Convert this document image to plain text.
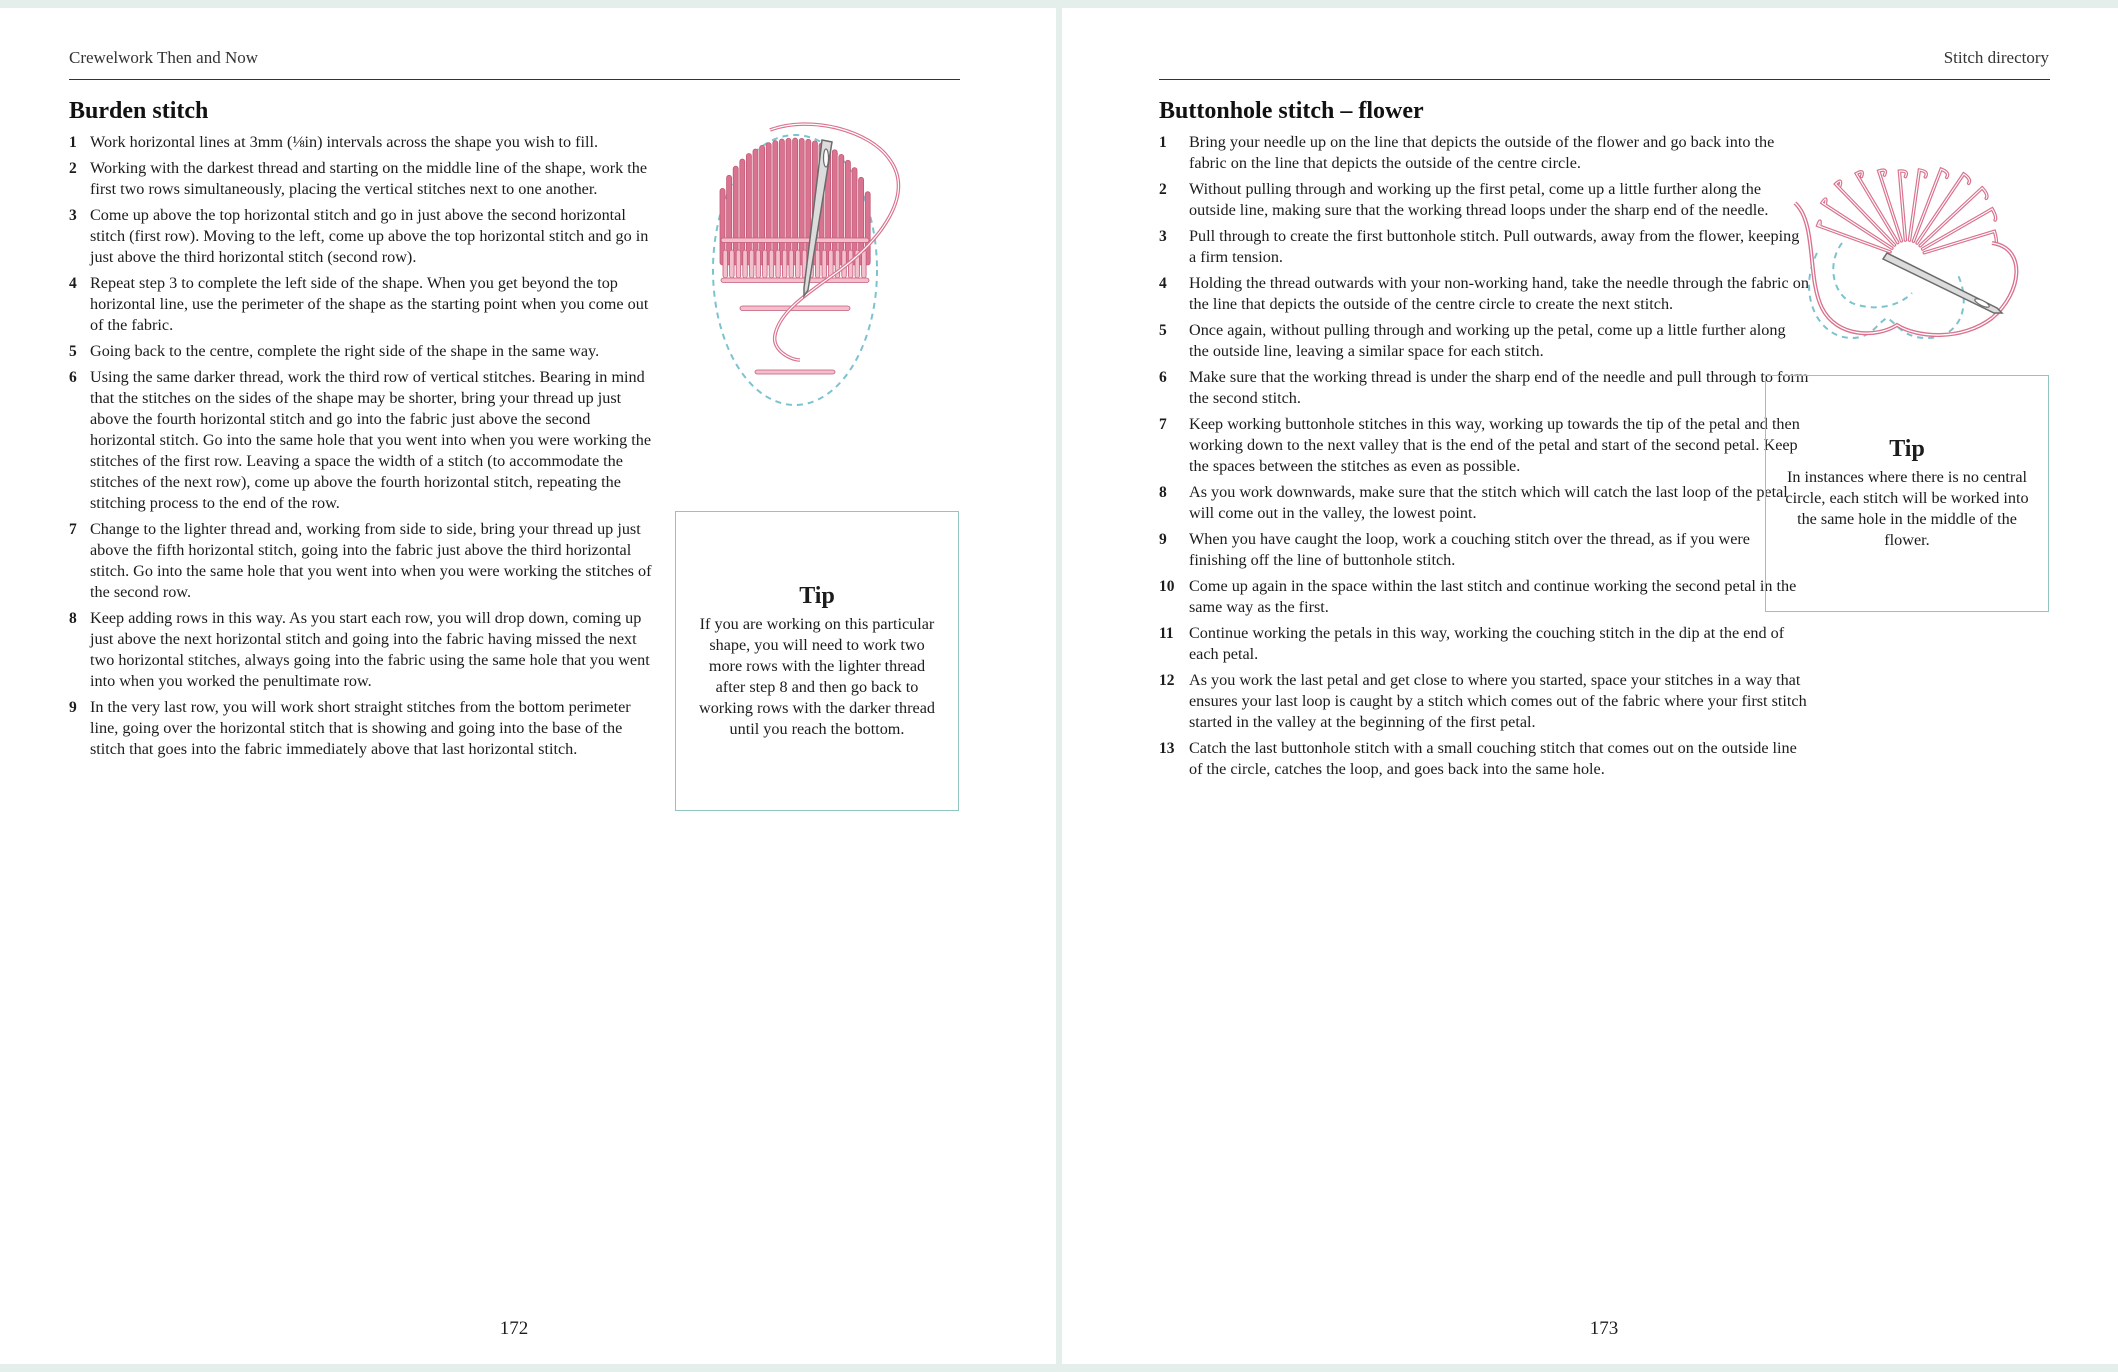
Crewelwork Then and Now
Burden stitch
1 Work horizontal lines at 3mm (⅛in) intervals across the shape you wish to fill.
2 Working with the darkest thread and starting on the middle line of the shape, work the first two rows simultaneously, placing the vertical stitches next to one another.
3 Come up above the top horizontal stitch and go in just above the second horizontal stitch (first row). Moving to the left, come up above the top horizontal stitch and go in just above the third horizontal stitch (second row).
4 Repeat step 3 to complete the left side of the shape. When you get beyond the top horizontal line, use the perimeter of the shape as the starting point when you come out of the fabric.
5 Going back to the centre, complete the right side of the shape in the same way.
6 Using the same darker thread, work the third row of vertical stitches. Bearing in mind that the stitches on the sides of the shape may be shorter, bring your thread up just above the fourth horizontal stitch and go into the fabric just above the second horizontal stitch. Go into the same hole that you went into when you were working the stitches of the first row. Leaving a space the width of a stitch (to accommodate the stitches of the next row), come up above the fourth horizontal stitch, repeating the stitching process to the end of the row.
7 Change to the lighter thread and, working from side to side, bring your thread up just above the fifth horizontal stitch, going into the fabric just above the third horizontal stitch. Go into the same hole that you went into when you were working the stitches of the second row.
8 Keep adding rows in this way. As you start each row, you will drop down, coming up just above the next horizontal stitch and going into the fabric having missed the next two horizontal stitches, always going into the fabric using the same hole that you went into when you worked the penultimate row.
9 In the very last row, you will work short straight stitches from the bottom perimeter line, going over the horizontal stitch that is showing and going into the base of the stitch that goes into the fabric immediately above that last horizontal stitch.
Tip
If you are working on this particular shape, you will need to work two more rows with the lighter thread after step 8 and then go back to working rows with the darker thread until you reach the bottom.
172
Stitch directory
Buttonhole stitch – flower
1 Bring your needle up on the line that depicts the outside of the flower and go back into the fabric on the line that depicts the outside of the centre circle.
2 Without pulling through and working up the first petal, come up a little further along the outside line, making sure that the working thread loops under the sharp end of the needle.
3 Pull through to create the first buttonhole stitch. Pull outwards, away from the flower, keeping a firm tension.
4 Holding the thread outwards with your non-working hand, take the needle through the fabric on the line that depicts the outside of the centre circle to create the next stitch.
5 Once again, without pulling through and working up the petal, come up a little further along the outside line, leaving a similar space for each stitch.
6 Make sure that the working thread is under the sharp end of the needle and pull through to form the second stitch.
7 Keep working buttonhole stitches in this way, working up towards the tip of the petal and then working down to the next valley that is the end of the petal and start of the second petal. Keep the spaces between the stitches as even as possible.
8 As you work downwards, make sure that the stitch which will catch the last loop of the petal will come out in the valley, the lowest point.
9 When you have caught the loop, work a couching stitch over the thread, as if you were finishing off the line of buttonhole stitch.
10 Come up again in the space within the last stitch and continue working the second petal in the same way as the first.
11 Continue working the petals in this way, working the couching stitch in the dip at the end of each petal.
12 As you work the last petal and get close to where you started, space your stitches in a way that ensures your last loop is caught by a stitch which comes out of the fabric where your first stitch started in the valley at the beginning of the first petal.
13 Catch the last buttonhole stitch with a small couching stitch that comes out on the outside line of the circle, catches the loop, and goes back into the same hole.
Tip
In instances where there is no central circle, each stitch will be worked into the same hole in the middle of the flower.
173
